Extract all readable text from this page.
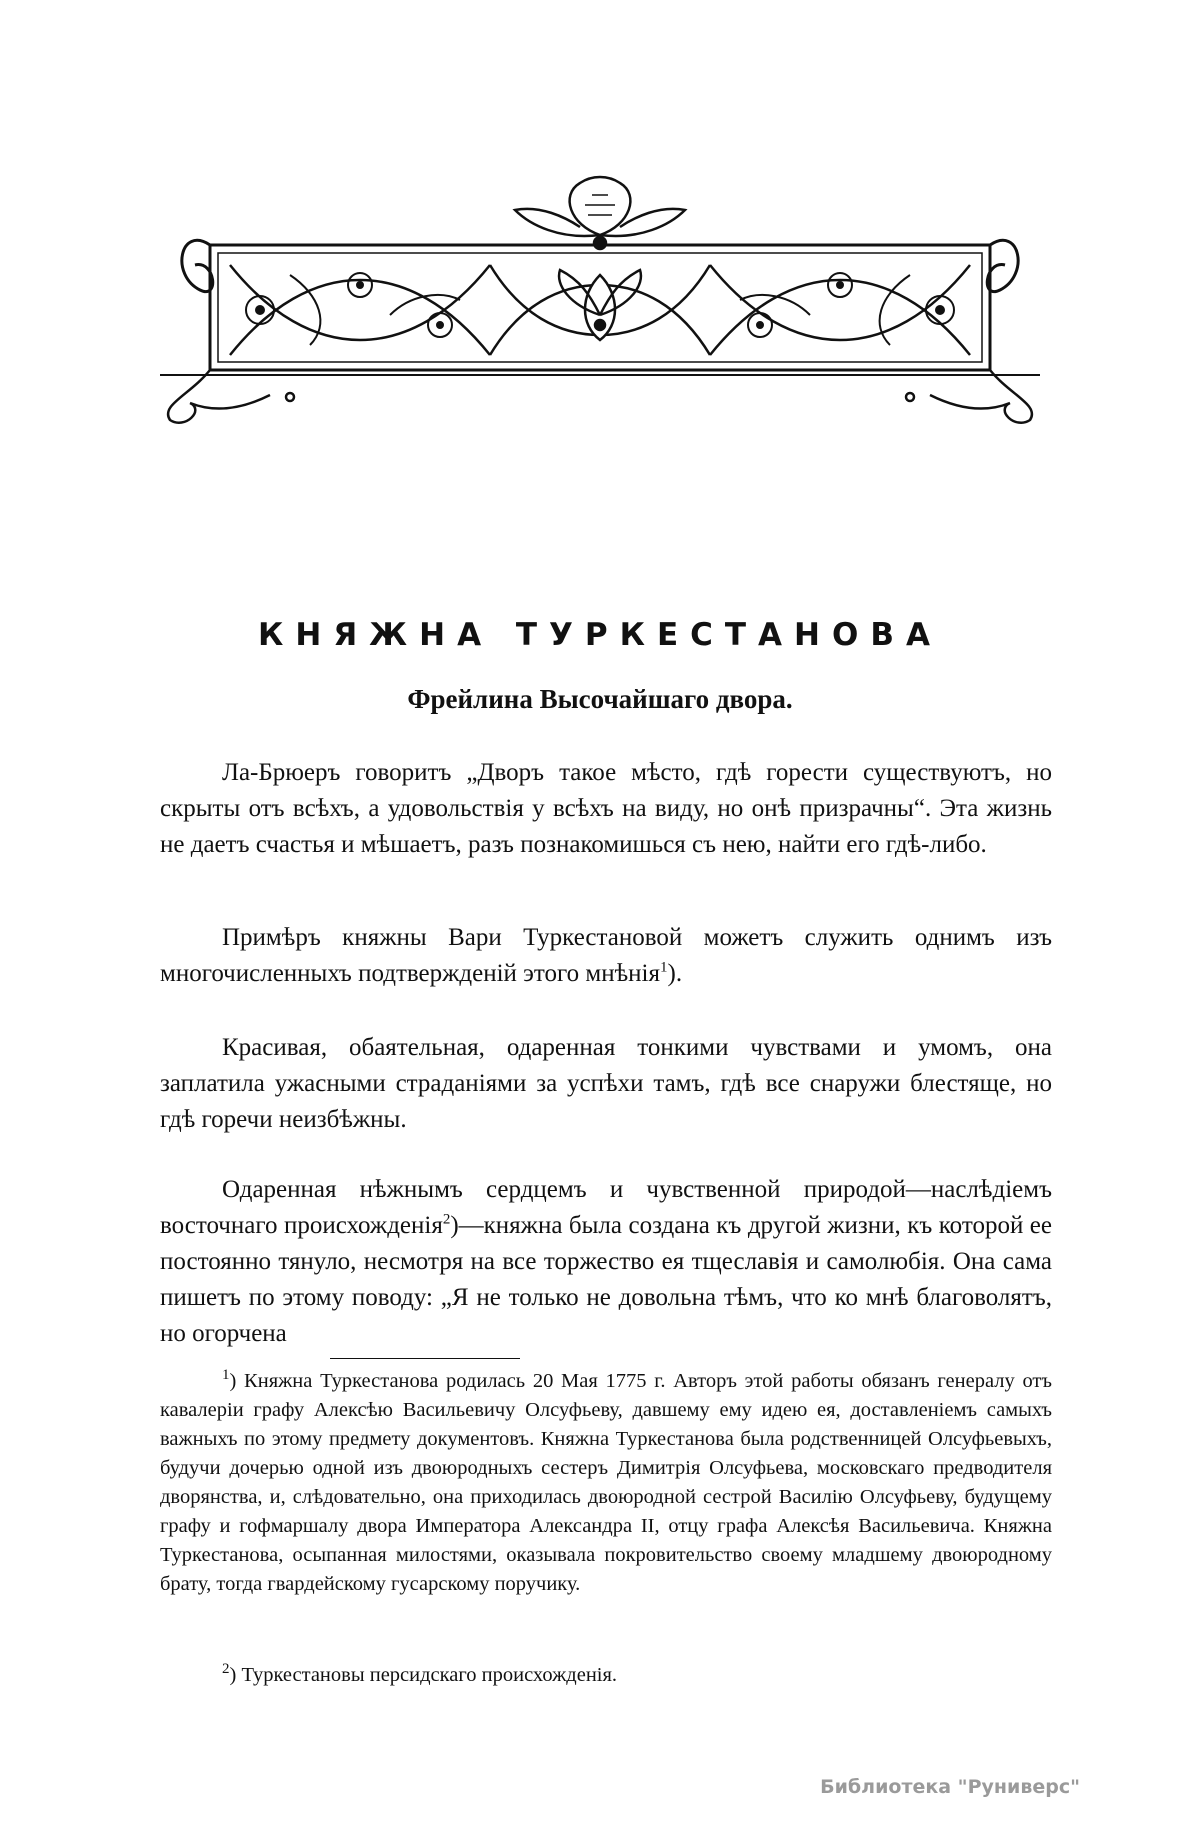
КНЯЖНА ТУРКЕСТАНОВА
Фрейлина Высочайшаго двора.

Ла-Брюеръ говоритъ „Дворъ такое мѣсто, гдѣ горести существуютъ, но скрыты отъ всѣхъ, а удовольствія у всѣхъ на виду, но онѣ призрачны“. Эта жизнь не даетъ счастья и мѣшаетъ, разъ познакомишься съ нею, найти его гдѣ-либо.

Примѣръ княжны Вари Туркестановой можетъ служить однимъ изъ многочисленныхъ подтвержденій этого мнѣнія$^1$).

Красивая, обаятельная, одаренная тонкими чувствами и умомъ, она заплатила ужасными страданіями за успѣхи тамъ, гдѣ все снаружи блестяще, но гдѣ горечи неизбѣжны.

Одаренная нѣжнымъ сердцемъ и чувственной природой—наслѣдіемъ восточнаго происхожденія$^2$)—княжна была создана къ другой жизни, къ которой ее постоянно тянуло, несмотря на все торжество ея тщеславія и самолюбія. Она сама пишетъ по этому поводу: „Я не только не довольна тѣмъ, что ко мнѣ благоволятъ, но огорчена

$^1$) Княжна Туркестанова родилась 20 Мая 1775 г. Авторъ этой работы обязанъ генералу отъ кавалеріи графу Алексѣю Васильевичу Олсуфьеву, давшему ему идею ея, доставленіемъ самыхъ важныхъ по этому предмету документовъ. Княжна Туркестанова была родственницей Олсуфьевыхъ, будучи дочерью одной изъ двоюродныхъ сестеръ Димитрія Олсуфьева, московскаго предводителя дворянства, и, слѣдовательно, она приходилась двоюродной сестрой Василію Олсуфьеву, будущему графу и гофмаршалу двора Императора Александра II, отцу графа Алексѣя Васильевича. Княжна Туркестанова, осыпанная милостями, оказывала покровительство своему младшему двоюродному брату, тогда гвардейскому гусарскому поручику.

$^2$) Туркестановы персидскаго происхожденія.

Библиотека "Руниверс"
